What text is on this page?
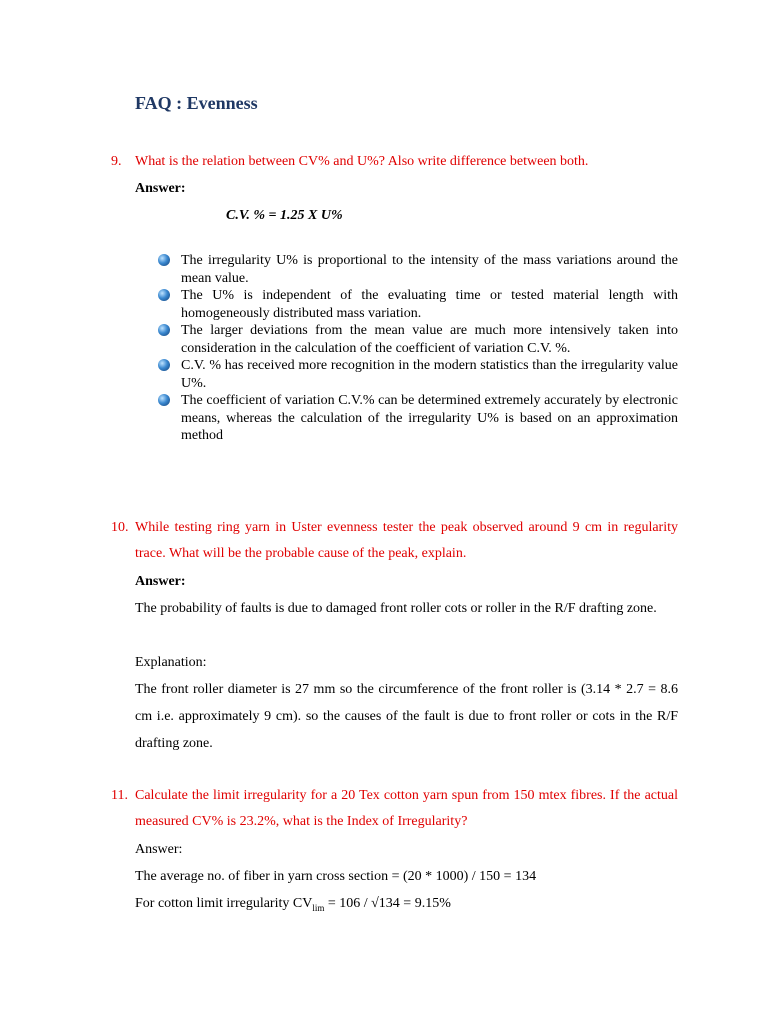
FAQ : Evenness
9. What is the relation between CV% and U%? Also write difference between both.
Answer:
C.V. % = 1.25 X U%

The irregularity U% is proportional to the intensity of the mass variations around the mean value.

The U% is independent of the evaluating time or tested material length with homogeneously distributed mass variation.

The larger deviations from the mean value are much more intensively taken into consideration in the calculation of the coefficient of variation C.V. %.

C.V. % has received more recognition in the modern statistics than the irregularity value U%.

The coefficient of variation C.V.% can be determined extremely accurately by electronic means, whereas the calculation of the irregularity U% is based on an approximation method

10. While testing ring yarn in Uster evenness tester the peak observed around 9 cm in regularity trace. What will be the probable cause of the peak, explain.
Answer:
The probability of faults is due to damaged front roller cots or roller in the R/F drafting zone.
Explanation:
The front roller diameter is 27 mm so the circumference of the front roller is (3.14 * 2.7 = 8.6 cm i.e. approximately 9 cm). so the causes of the fault is due to front roller or cots in the R/F drafting zone.
11. Calculate the limit irregularity for a 20 Tex cotton yarn spun from 150 mtex fibres. If the actual measured CV% is 23.2%, what is the Index of Irregularity?
Answer:
The average no. of fiber in yarn cross section = (20 * 1000) / 150 = 134
For cotton limit irregularity $CV_{lim} = 106 / √134 = 9.15\%$
